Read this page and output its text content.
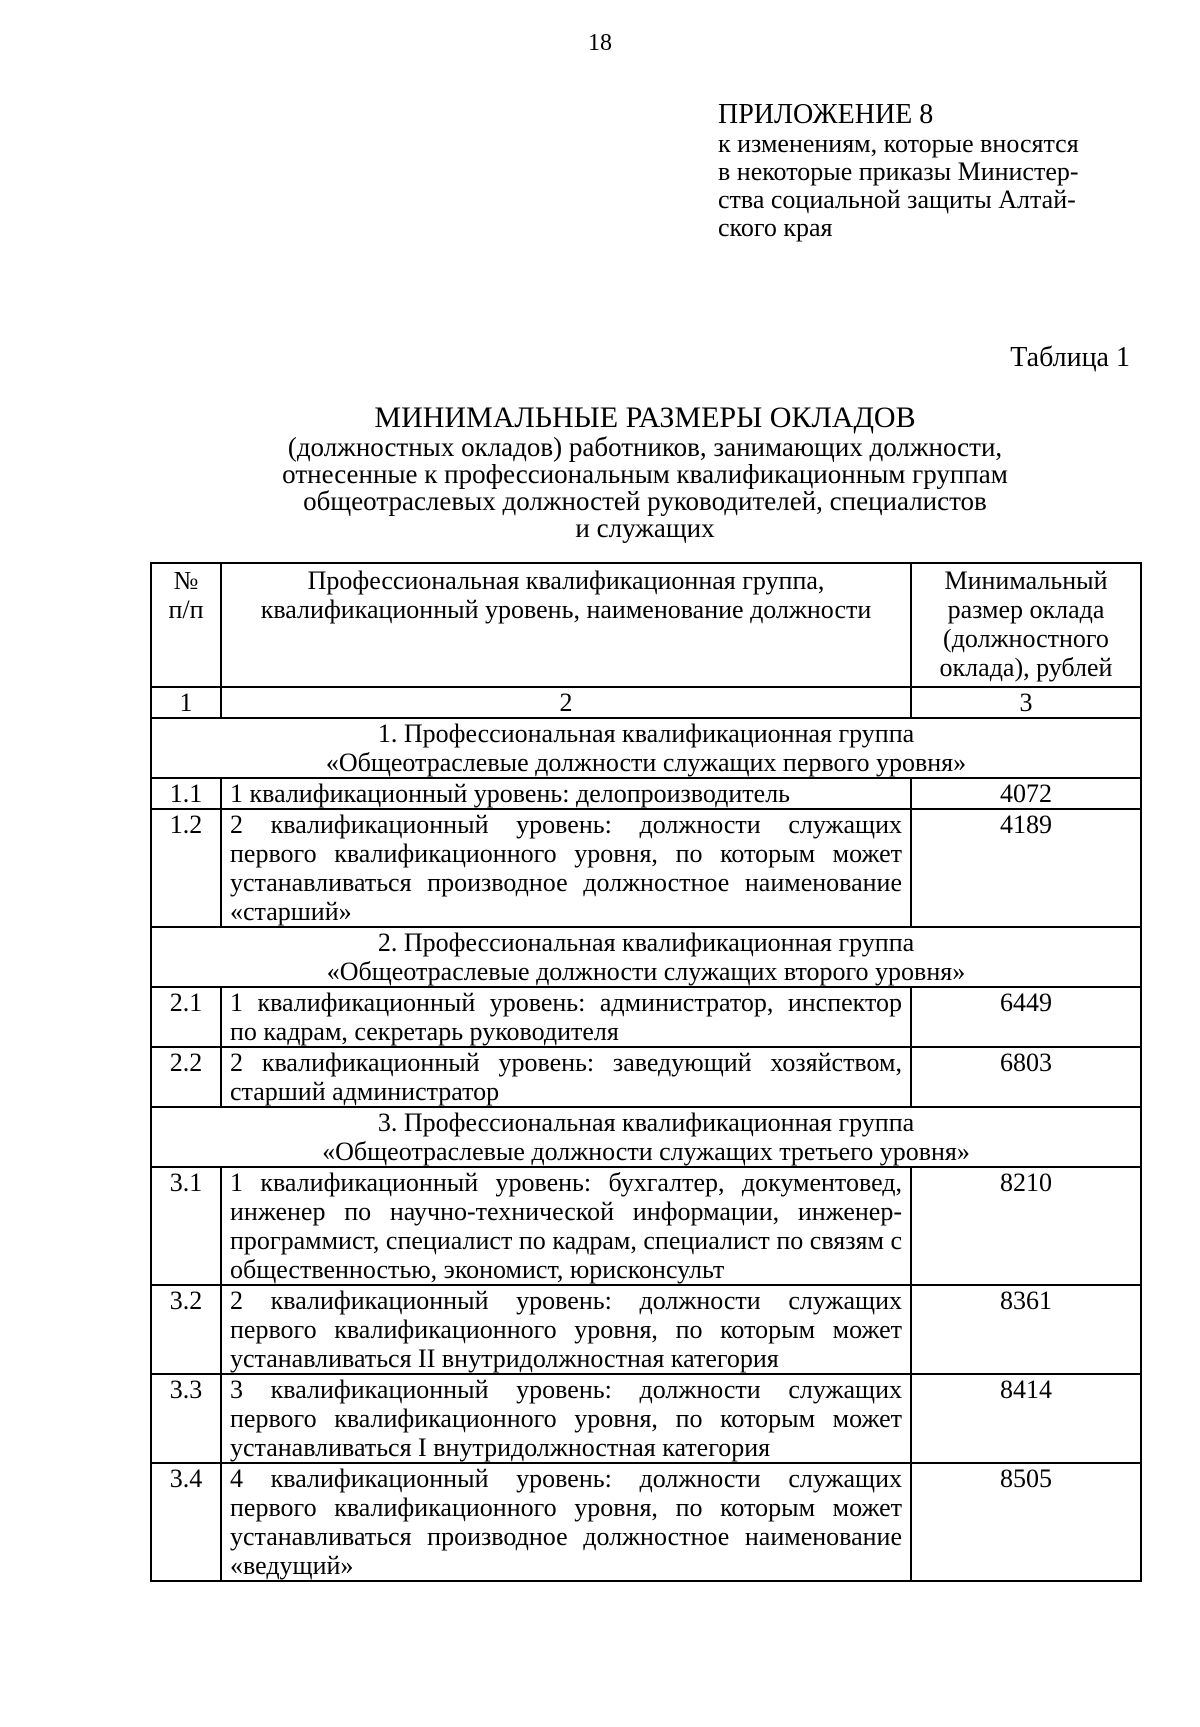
18
ПРИЛОЖЕНИЕ 8
к изменениям, которые вносятся
в некоторые приказы Министер-
ства социальной защиты Алтай-
ского края
Таблица 1
МИНИМАЛЬНЫЕ РАЗМЕРЫ ОКЛАДОВ
(должностных окладов) работников, занимающих должности,
отнесенные к профессиональным квалификационным группам
общеотраслевых должностей руководителей, специалистов
и служащих
№ п/п	Профессиональная квалификационная группа, квалификационный уровень, наименование должности	Минимальный размер оклада (должностного оклада), рублей
1	2	3

1. Профессиональная квалификационная группа
«Общеотраслевые должности служащих первого уровня»		

1.1	1 квалификационный уровень: делопроизводитель	4072
1.2	2 квалификационный уровень: должности служащих первого квалификационного уровня, по которым может устанавливаться производное должностное наименование «старший»	4189

2. Профессиональная квалификационная группа
«Общеотраслевые должности служащих второго уровня»		

2.1	1 квалификационный уровень: администратор, инспектор по кадрам, секретарь руководителя	6449
2.2	2 квалификационный уровень: заведующий хозяйством, старший администратор	6803

3. Профессиональная квалификационная группа
«Общеотраслевые должности служащих третьего уровня»		

3.1	1 квалификационный уровень: бухгалтер, документовед, инженер по научно-технической информации, инженер-программист, специалист по кадрам, специалист по связям с общественностью, экономист, юрисконсульт	8210
3.2	2 квалификационный уровень: должности служащих первого квалификационного уровня, по которым может устанавливаться II внутридолжностная категория	8361
3.3	3 квалификационный уровень: должности служащих первого квалификационного уровня, по которым может устанавливаться I внутридолжностная категория	8414
3.4	4 квалификационный уровень: должности служащих первого квалификационного уровня, по которым может устанавливаться производное должностное наименование «ведущий»	8505
